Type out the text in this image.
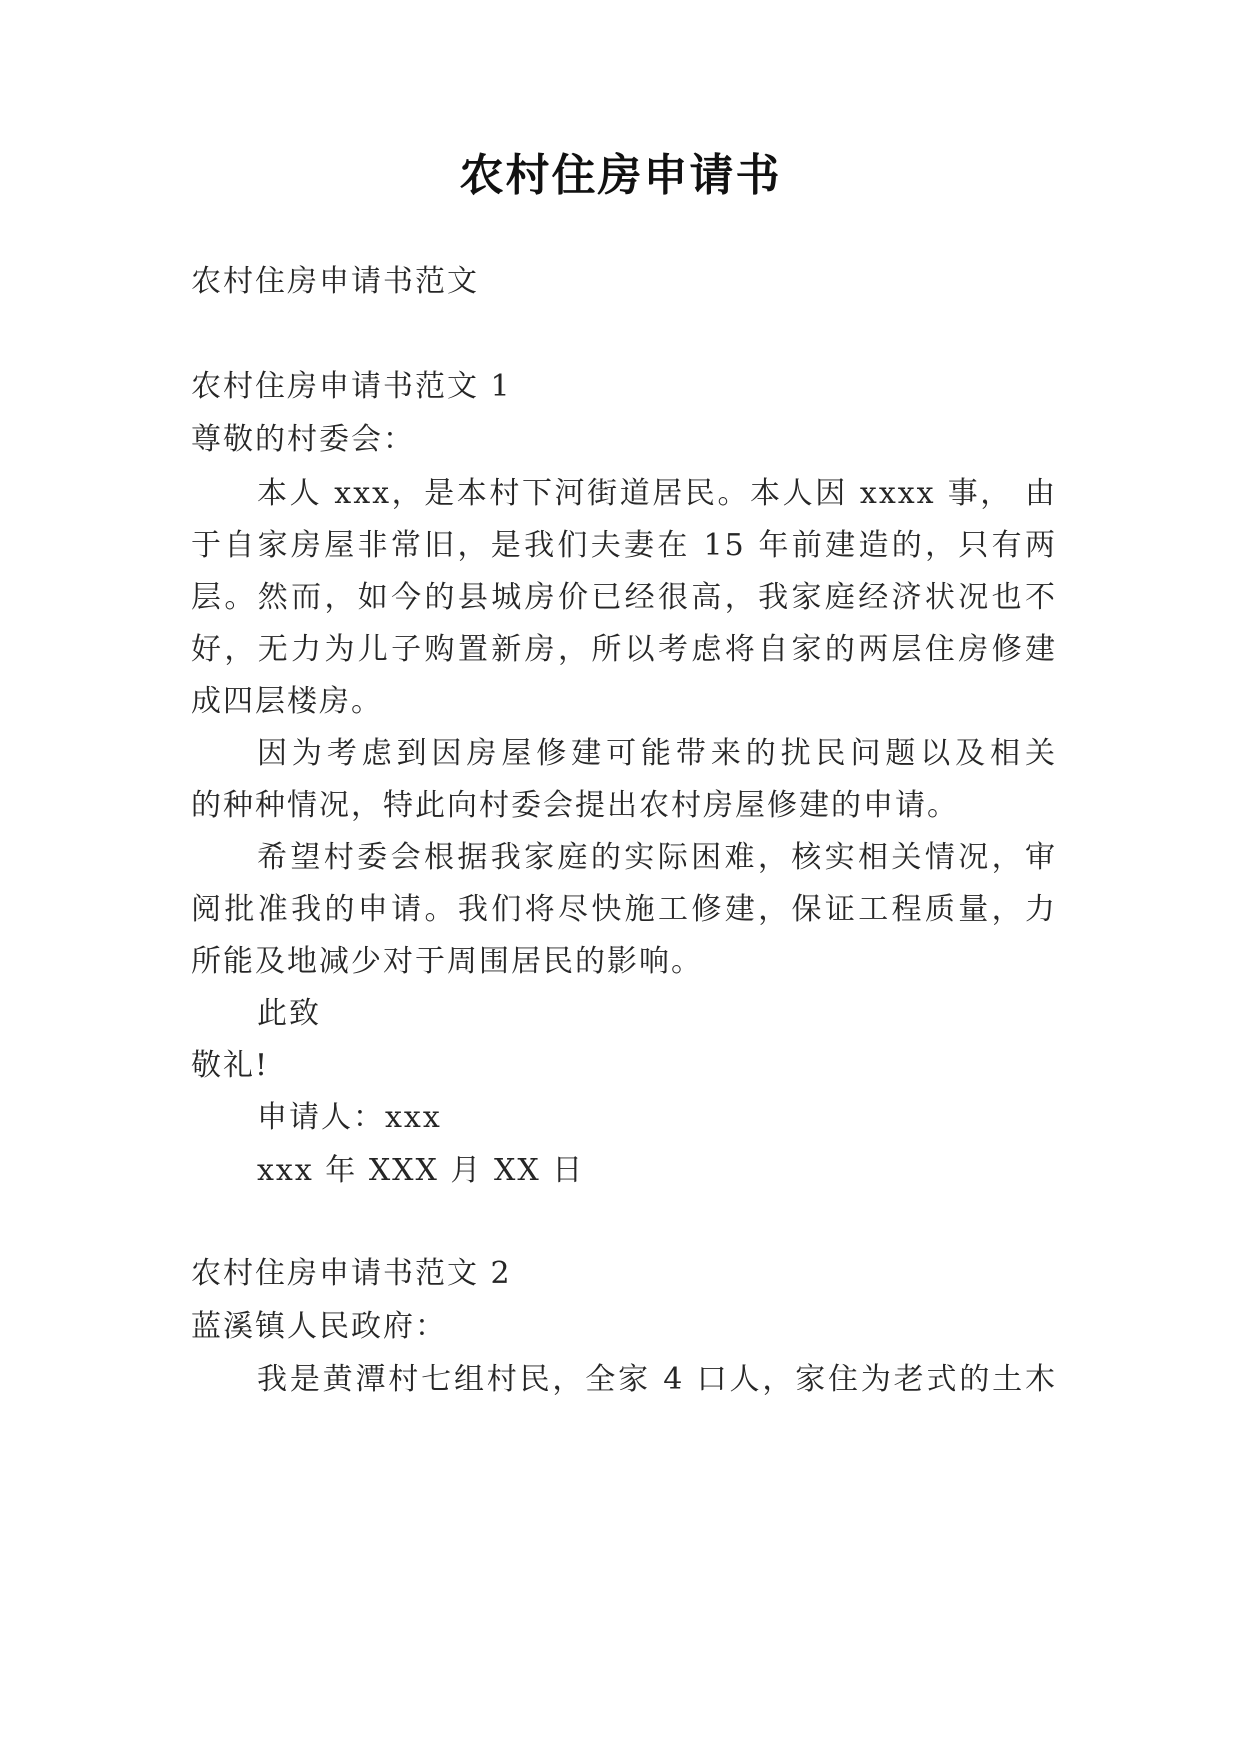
农村住房申请书
农村住房申请书范文
农村住房申请书范文 1
尊敬的村委会：
本人 xxx，是本村下河街道居民。本人因 xxxx 事， 由
于自家房屋非常旧，是我们夫妻在 15 年前建造的，只有两
层。然而，如今的县城房价已经很高，我家庭经济状况也不
好，无力为儿子购置新房，所以考虑将自家的两层住房修建
成四层楼房。
因为考虑到因房屋修建可能带来的扰民问题以及相关
的种种情况，特此向村委会提出农村房屋修建的申请。
希望村委会根据我家庭的实际困难，核实相关情况，审
阅批准我的申请。我们将尽快施工修建，保证工程质量，力
所能及地减少对于周围居民的影响。
此致
敬礼!
申请人：xxx
xxx 年 XXX 月 XX 日
农村住房申请书范文 2
蓝溪镇人民政府：
我是黄潭村七组村民，全家 4 口人，家住为老式的土木
